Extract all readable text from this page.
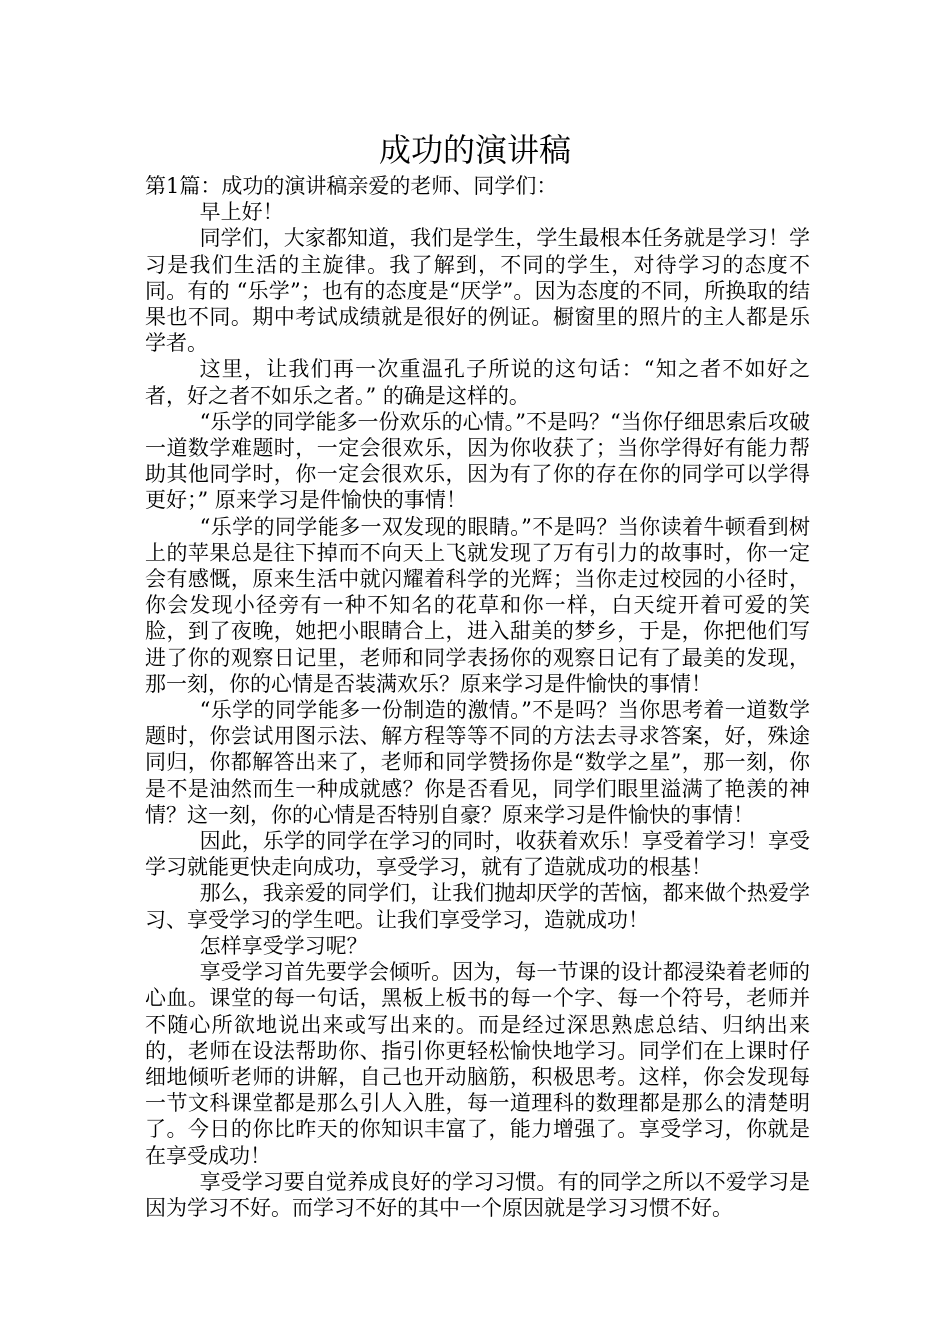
成功的演讲稿

第1篇：成功的演讲稿亲爱的老师、同学们：

早上好！

同学们，大家都知道，我们是学生，学生最根本任务就是学习！学习是我们生活的主旋律。我了解到，不同的学生，对待学习的态度不同。有的 “乐学”；也有的态度是“厌学”。因为态度的不同，所换取的结果也不同。期中考试成绩就是很好的例证。橱窗里的照片的主人都是乐学者。

这里，让我们再一次重温孔子所说的这句话：“知之者不如好之者，好之者不如乐之者。” 的确是这样的。

“乐学的同学能多一份欢乐的心情。”不是吗？“当你仔细思索后攻破一道数学难题时，一定会很欢乐，因为你收获了；当你学得好有能力帮助其他同学时，你一定会很欢乐，因为有了你的存在你的同学可以学得更好；” 原来学习是件愉快的事情！

“乐学的同学能多一双发现的眼睛。”不是吗？当你读着牛顿看到树上的苹果总是往下掉而不向天上飞就发现了万有引力的故事时，你一定会有感慨，原来生活中就闪耀着科学的光辉；当你走过校园的小径时，你会发现小径旁有一种不知名的花草和你一样，白天绽开着可爱的笑脸，到了夜晚，她把小眼睛合上，进入甜美的梦乡，于是，你把他们写进了你的观察日记里，老师和同学表扬你的观察日记有了最美的发现，那一刻，你的心情是否装满欢乐？原来学习是件愉快的事情！

“乐学的同学能多一份制造的激情。”不是吗？当你思考着一道数学题时，你尝试用图示法、解方程等等不同的方法去寻求答案，好，殊途同归，你都解答出来了，老师和同学赞扬你是“数学之星”，那一刻，你是不是油然而生一种成就感？你是否看见，同学们眼里溢满了艳羡的神情？这一刻，你的心情是否特别自豪？原来学习是件愉快的事情！

因此，乐学的同学在学习的同时，收获着欢乐！享受着学习！享受学习就能更快走向成功，享受学习，就有了造就成功的根基！

那么，我亲爱的同学们，让我们抛却厌学的苦恼，都来做个热爱学习、享受学习的学生吧。让我们享受学习，造就成功！

怎样享受学习呢？

享受学习首先要学会倾听。因为，每一节课的设计都浸染着老师的心血。课堂的每一句话，黑板上板书的每一个字、每一个符号，老师并不随心所欲地说出来或写出来的。而是经过深思熟虑总结、归纳出来的，老师在设法帮助你、指引你更轻松愉快地学习。同学们在上课时仔细地倾听老师的讲解，自己也开动脑筋，积极思考。这样，你会发现每一节文科课堂都是那么引人入胜，每一道理科的数理都是那么的清楚明了。今日的你比昨天的你知识丰富了，能力增强了。享受学习，你就是在享受成功！

享受学习要自觉养成良好的学习习惯。有的同学之所以不爱学习是因为学习不好。而学习不好的其中一个原因就是学习习惯不好。
